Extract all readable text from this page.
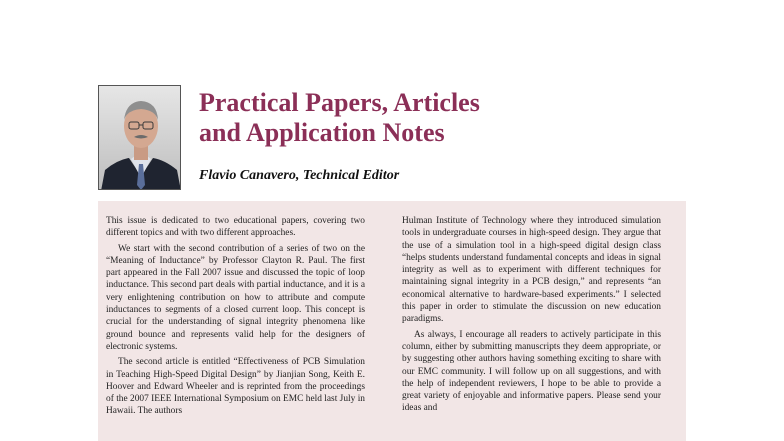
Practical Papers, Articles
and Application Notes
Flavio Canavero, Technical Editor

This issue is dedicated to two educational papers, covering two different topics and with two different approaches.

We start with the second contribution of a series of two on the “Meaning of Inductance” by Professor Clayton R. Paul. The first part appeared in the Fall 2007 issue and discussed the topic of loop inductance. This second part deals with partial inductance, and it is a very enlightening contribution on how to attribute and compute inductances to segments of a closed current loop. This concept is crucial for the understanding of signal integrity phenomena like ground bounce and represents valid help for the designers of electronic systems.

The second article is entitled “Effectiveness of PCB Simulation in Teaching High-Speed Digital Design” by Jianjian Song, Keith E. Hoover and Edward Wheeler and is reprinted from the proceedings of the 2007 IEEE International Symposium on EMC held last July in Hawaii. The authors

Hulman Institute of Technology where they introduced simulation tools in undergraduate courses in high-speed design. They argue that the use of a simulation tool in a high-speed digital design class “helps students understand fundamental concepts and ideas in signal integrity as well as to experiment with different techniques for maintaining signal integrity in a PCB design,” and represents “an economical alternative to hardware-based experiments.” I selected this paper in order to stimulate the discussion on new education paradigms.

As always, I encourage all readers to actively participate in this column, either by submitting manuscripts they deem appropriate, or by suggesting other authors having something exciting to share with our EMC community. I will follow up on all suggestions, and with the help of independent reviewers, I hope to be able to provide a great variety of enjoyable and informative papers. Please send your ideas and
